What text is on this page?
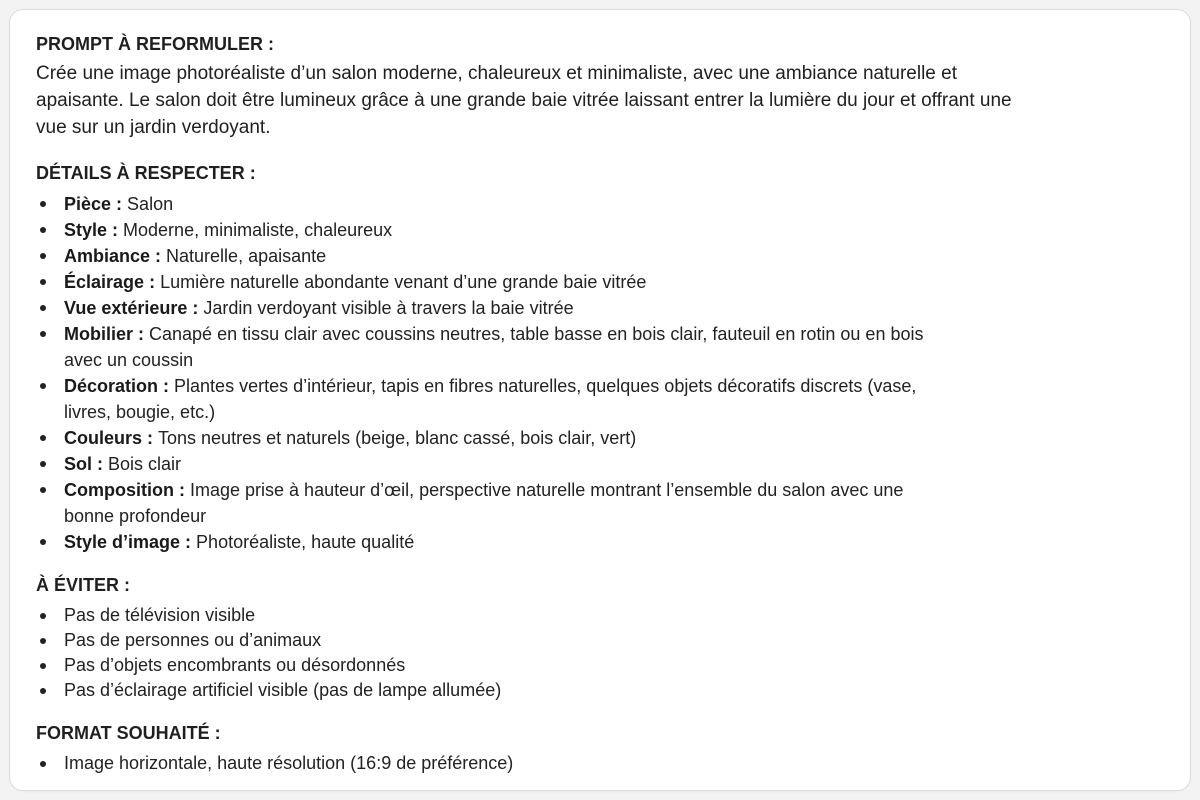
PROMPT À REFORMULER :

Crée une image photoréaliste d’un salon moderne, chaleureux et minimaliste, avec une ambiance naturelle et apaisante. Le salon doit être lumineux grâce à une grande baie vitrée laissant entrer la lumière du jour et offrant une vue sur un jardin verdoyant.

DÉTAILS À RESPECTER :

Pièce : Salon
Style : Moderne, minimaliste, chaleureux
Ambiance : Naturelle, apaisante
Éclairage : Lumière naturelle abondante venant d’une grande baie vitrée
Vue extérieure : Jardin verdoyant visible à travers la baie vitrée
Mobilier : Canapé en tissu clair avec coussins neutres, table basse en bois clair, fauteuil en rotin ou en bois avec un coussin
Décoration : Plantes vertes d’intérieur, tapis en fibres naturelles, quelques objets décoratifs discrets (vase, livres, bougie, etc.)
Couleurs : Tons neutres et naturels (beige, blanc cassé, bois clair, vert)
Sol : Bois clair
Composition : Image prise à hauteur d’œil, perspective naturelle montrant l’ensemble du salon avec une bonne profondeur
Style d’image : Photoréaliste, haute qualité

À ÉVITER :

Pas de télévision visible
Pas de personnes ou d’animaux
Pas d’objets encombrants ou désordonnés
Pas d’éclairage artificiel visible (pas de lampe allumée)

FORMAT SOUHAITÉ :

Image horizontale, haute résolution (16:9 de préférence)
